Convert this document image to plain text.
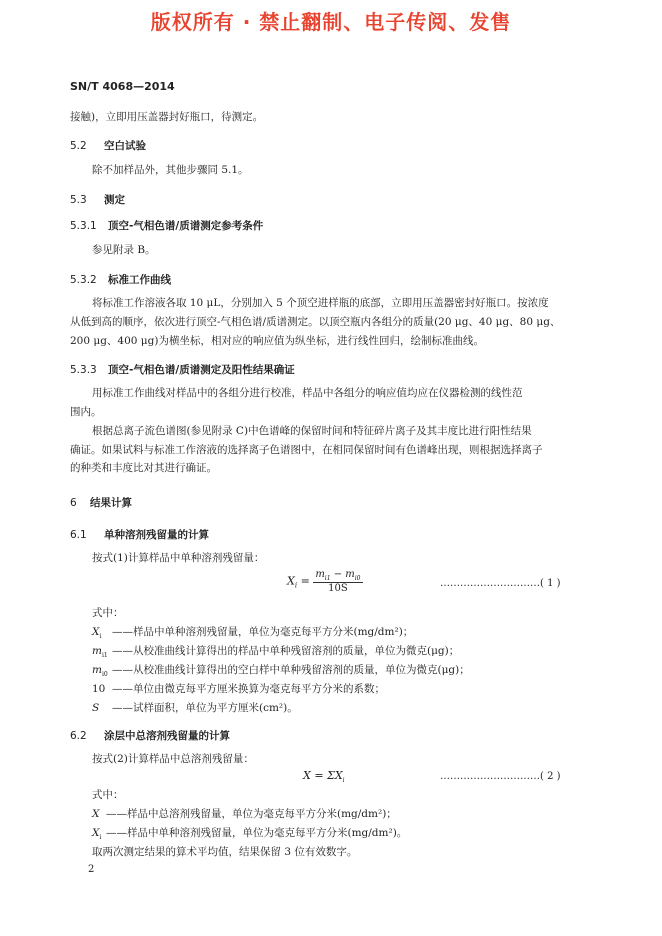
版权所有 · 禁止翻制、电子传阅、发售
SN/T 4068—2014
接触)，立即用压盖器封好瓶口，待测定。
5.2 空白试验
除不加样品外，其他步骤同 5.1。
5.3 测定
5.3.1 顶空-气相色谱/质谱测定参考条件
参见附录 B。
5.3.2 标准工作曲线
将标准工作溶液各取 10 μL，分别加入 5 个顶空进样瓶的底部，立即用压盖器密封好瓶口。按浓度
从低到高的顺序，依次进行顶空-气相色谱/质谱测定。以顶空瓶内各组分的质量(20 μg、40 μg、80 μg、
200 μg、400 μg)为横坐标，相对应的响应值为纵坐标，进行线性回归，绘制标准曲线。
5.3.3 顶空-气相色谱/质谱测定及阳性结果确证
用标准工作曲线对样品中的各组分进行校准，样品中各组分的响应值均应在仪器检测的线性范
围内。
根据总离子流色谱图(参见附录 C)中色谱峰的保留时间和特征碎片离子及其丰度比进行阳性结果
确证。如果试料与标准工作溶液的选择离子色谱图中，在相同保留时间有色谱峰出现，则根据选择离子
的种类和丰度比对其进行确证。
6 结果计算
6.1 单种溶剂残留量的计算
按式(1)计算样品中单种溶剂残留量：
$X_i = \frac{m_{i1} - m_{i0}}{10S}$	…………………………( 1 )
式中：
$X_i$ ——样品中单种溶剂残留量，单位为毫克每平方分米(mg/dm²)；
$m_{i1}$ ——从校准曲线计算得出的样品中单种残留溶剂的质量，单位为微克(μg)；
$m_{i0}$ ——从校准曲线计算得出的空白样中单种残留溶剂的质量，单位为微克(μg)；
10 ——单位由微克每平方厘米换算为毫克每平方分米的系数；
S ——试样面积，单位为平方厘米(cm²)。
6.2 涂层中总溶剂残留量的计算
按式(2)计算样品中总溶剂残留量：
$X = \Sigma X_i$	…………………………( 2 )
式中：
X ——样品中总溶剂残留量，单位为毫克每平方分米(mg/dm²)；
$X_i$ ——样品中单种溶剂残留量，单位为毫克每平方分米(mg/dm²)。
取两次测定结果的算术平均值，结果保留 3 位有效数字。
2
